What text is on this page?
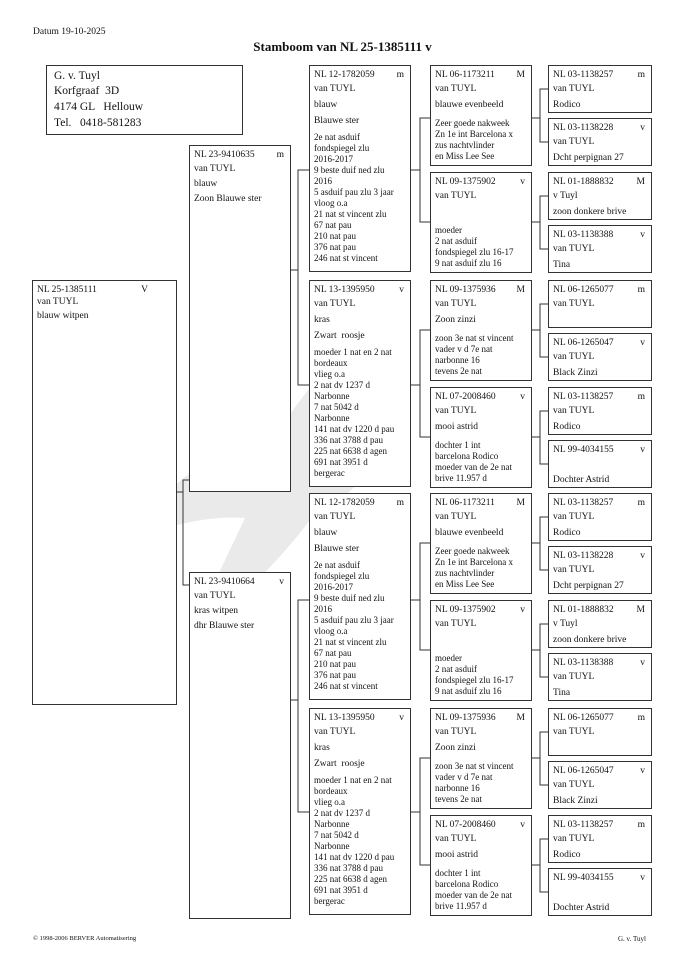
Datum 19-10-2025
Stamboom van NL 25-1385111 v
G. v. Tuyl
Korfgraaf  3D
4174 GL   Hellouw
Tel.   0418-581283
NL 25-1385111	V
van TUYL
blauw witpen
NL 23-9410635 m
van TUYL
blauw
Zoon Blauwe ster
NL 23-9410664	v
van TUYL
kras witpen
dhr Blauwe ster
NL 12-1782059 m
van TUYL
blauw
Blauwe ster
2e nat asduif
fondspiegel zlu
2016-2017
9 beste duif ned zlu
2016
5 asduif pau zlu 3 jaar
vloog o.a
21 nat st vincent zlu
67 nat pau
210 nat pau
376 nat pau
246 nat st vincent
NL 13-1395950	v
van TUYL
kras
Zwart  roosje
moeder 1 nat en 2 nat
bordeaux
vlieg o.a
2 nat dv 1237 d
Narbonne
7 nat 5042 d
Narbonne
141 nat dv 1220 d pau
336 nat 3788 d pau
225 nat 6638 d agen
691 nat 3951 d
bergerac
NL 12-1782059 m
van TUYL
blauw
Blauwe ster
2e nat asduif
fondspiegel zlu
2016-2017
9 beste duif ned zlu
2016
5 asduif pau zlu 3 jaar
vloog o.a
21 nat st vincent zlu
67 nat pau
210 nat pau
376 nat pau
246 nat st vincent
NL 13-1395950	v
van TUYL
kras
Zwart  roosje
moeder 1 nat en 2 nat
bordeaux
vlieg o.a
2 nat dv 1237 d
Narbonne
7 nat 5042 d
Narbonne
141 nat dv 1220 d pau
336 nat 3788 d pau
225 nat 6638 d agen
691 nat 3951 d
bergerac
NL 06-1173211 M
van TUYL
blauwe evenbeeld
Zeer goede nakweek
Zn 1e int Barcelona x
zus nachtvlinder
en Miss Lee See
NL 09-1375902	v
van TUYL
moeder
2 nat asduif
fondspiegel zlu 16-17
9 nat asduif zlu 16
NL 09-1375936 M
van TUYL
Zoon zinzi
zoon 3e nat st vincent
vader v d 7e nat
narbonne 16
tevens 2e nat
NL 07-2008460	v
van TUYL
mooi astrid
dochter 1 int
barcelona Rodico
moeder van de 2e nat
brive 11.957 d
NL 06-1173211 M
van TUYL
blauwe evenbeeld
Zeer goede nakweek
Zn 1e int Barcelona x
zus nachtvlinder
en Miss Lee See
NL 09-1375902	v
van TUYL
moeder
2 nat asduif
fondspiegel zlu 16-17
9 nat asduif zlu 16
NL 09-1375936 M
van TUYL
Zoon zinzi
zoon 3e nat st vincent
vader v d 7e nat
narbonne 16
tevens 2e nat
NL 07-2008460	v
van TUYL
mooi astrid
dochter 1 int
barcelona Rodico
moeder van de 2e nat
brive 11.957 d
NL 03-1138257	m
van TUYL
Rodico
NL 03-1138228	v
van TUYL
Dcht perpignan 27
NL 01-1888832 M
v Tuyl
zoon donkere brive
NL 03-1138388	v
van TUYL
Tina
NL 06-1265077	m
van TUYL
NL 06-1265047	v
van TUYL
Black Zinzi
NL 03-1138257	m
van TUYL
Rodico
NL 99-4034155	v
Dochter Astrid
NL 03-1138257	m
van TUYL
Rodico
NL 03-1138228	v
van TUYL
Dcht perpignan 27
NL 01-1888832 M
v Tuyl
zoon donkere brive
NL 03-1138388	v
van TUYL
Tina
NL 06-1265077	m
van TUYL
NL 06-1265047	v
van TUYL
Black Zinzi
NL 03-1138257	m
van TUYL
Rodico
NL 99-4034155	v
Dochter Astrid
© 1998-2006 BERVER Automatisering	G. v. Tuyl
